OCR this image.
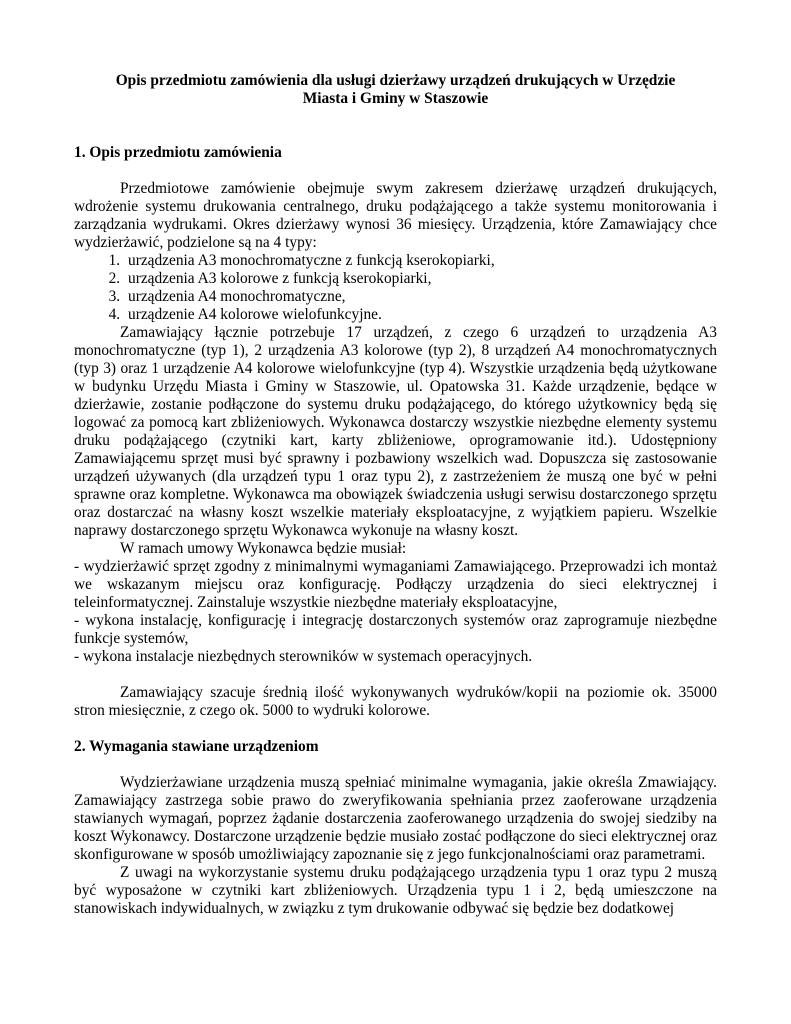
Opis przedmiotu zamówienia dla usługi dzierżawy urządzeń drukujących w Urzędzie Miasta i Gminy w Staszowie
1. Opis przedmiotu zamówienia

Przedmiotowe zamówienie obejmuje swym zakresem dzierżawę urządzeń drukujących, wdrożenie systemu drukowania centralnego, druku podążającego a także systemu monitorowania i zarządzania wydrukami. Okres dzierżawy wynosi 36 miesięcy. Urządzenia, które Zamawiający chce wydzierżawić, podzielone są na 4 typy:

1. urządzenia A3 monochromatyczne z funkcją kserokopiarki,
2. urządzenia A3 kolorowe z funkcją kserokopiarki,
3. urządzenia A4 monochromatyczne,
4. urządzenie A4 kolorowe wielofunkcyjne.

Zamawiający łącznie potrzebuje 17 urządzeń, z czego 6 urządzeń to urządzenia A3 monochromatyczne (typ 1), 2 urządzenia A3 kolorowe (typ 2), 8 urządzeń A4 monochromatycznych (typ 3) oraz 1 urządzenie A4 kolorowe wielofunkcyjne (typ 4). Wszystkie urządzenia będą użytkowane w budynku Urzędu Miasta i Gminy w Staszowie, ul. Opatowska 31. Każde urządzenie, będące w dzierżawie, zostanie podłączone do systemu druku podążającego, do którego użytkownicy będą się logować za pomocą kart zbliżeniowych. Wykonawca dostarczy wszystkie niezbędne elementy systemu druku podążającego (czytniki kart, karty zbliżeniowe, oprogramowanie itd.). Udostępniony Zamawiającemu sprzęt musi być sprawny i pozbawiony wszelkich wad. Dopuszcza się zastosowanie urządzeń używanych (dla urządzeń typu 1 oraz typu 2), z zastrzeżeniem że muszą one być w pełni sprawne oraz kompletne. Wykonawca ma obowiązek świadczenia usługi serwisu dostarczonego sprzętu oraz dostarczać na własny koszt wszelkie materiały eksploatacyjne, z wyjątkiem papieru. Wszelkie naprawy dostarczonego sprzętu Wykonawca wykonuje na własny koszt.

W ramach umowy Wykonawca będzie musiał:

- wydzierżawić sprzęt zgodny z minimalnymi wymaganiami Zamawiającego. Przeprowadzi ich montaż we wskazanym miejscu oraz konfigurację. Podłączy urządzenia do sieci elektrycznej i teleinformatycznej. Zainstaluje wszystkie niezbędne materiały eksploatacyjne,
- wykona instalację, konfigurację i integrację dostarczonych systemów oraz zaprogramuje niezbędne funkcje systemów,
- wykona instalacje niezbędnych sterowników w systemach operacyjnych.

Zamawiający szacuje średnią ilość wykonywanych wydruków/kopii na poziomie ok. 35000 stron miesięcznie, z czego ok. 5000 to wydruki kolorowe.

2. Wymagania stawiane urządzeniom

Wydzierżawiane urządzenia muszą spełniać minimalne wymagania, jakie określa Zmawiający. Zamawiający zastrzega sobie prawo do zweryfikowania spełniania przez zaoferowane urządzenia stawianych wymagań, poprzez żądanie dostarczenia zaoferowanego urządzenia do swojej siedziby na koszt Wykonawcy. Dostarczone urządzenie będzie musiało zostać podłączone do sieci elektrycznej oraz skonfigurowane w sposób umożliwiający zapoznanie się z jego funkcjonalnościami oraz parametrami.

Z uwagi na wykorzystanie systemu druku podążającego urządzenia typu 1 oraz typu 2 muszą być wyposażone w czytniki kart zbliżeniowych. Urządzenia typu 1 i 2, będą umieszczone na stanowiskach indywidualnych, w związku z tym drukowanie odbywać się będzie bez dodatkowej
